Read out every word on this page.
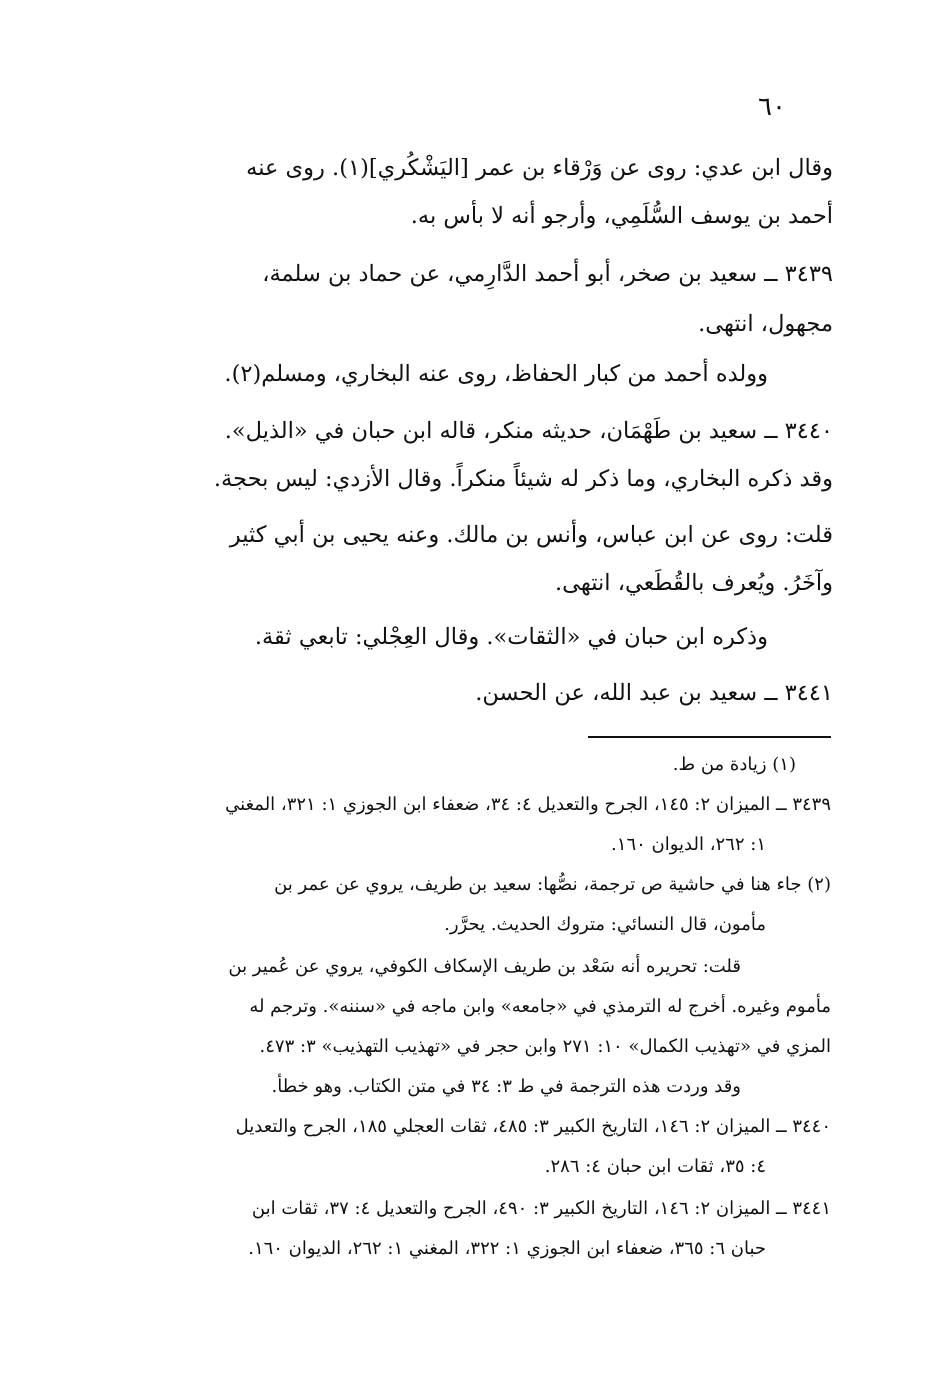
٦٠
وقال ابن عدي: روى عن وَرْقاء بن عمر [اليَشْكُري](١). روى عنه
أحمد بن يوسف السُّلَمِي، وأرجو أنه لا بأس به.
٣٤٣٩ ــ سعيد بن صخر، أبو أحمد الدَّارِمي، عن حماد بن سلمة،
مجهول، انتهى.
وولده أحمد من كبار الحفاظ، روى عنه البخاري، ومسلم(٢).
٣٤٤٠ ــ سعيد بن طَهْمَان، حديثه منكر، قاله ابن حبان في «الذيل».
وقد ذكره البخاري، وما ذكر له شيئاً منكراً. وقال الأزدي: ليس بحجة.
قلت: روى عن ابن عباس، وأنس بن مالك. وعنه يحيى بن أبي كثير
وآخَرُ. ويُعرف بالقُطَعي، انتهى.
وذكره ابن حبان في «الثقات». وقال العِجْلي: تابعي ثقة.
٣٤٤١ ــ سعيد بن عبد الله، عن الحسن.
(١) زيادة من ط.
٣٤٣٩ ــ الميزان ٢: ١٤٥، الجرح والتعديل ٤: ٣٤، ضعفاء ابن الجوزي ١: ٣٢١، المغني
١: ٢٦٢، الديوان ١٦٠.
(٢) جاء هنا في حاشية ص ترجمة، نصُّها: سعيد بن طريف، يروي عن عمر بن
مأمون، قال النسائي: متروك الحديث. يحرَّر.
قلت: تحريره أنه سَعْد بن طريف الإسكاف الكوفي، يروي عن عُمير بن
مأموم وغيره. أخرج له الترمذي في «جامعه» وابن ماجه في «سننه». وترجم له
المزي في «تهذيب الكمال» ١٠: ٢٧١ وابن حجر في «تهذيب التهذيب» ٣: ٤٧٣.
وقد وردت هذه الترجمة في ط ٣: ٣٤ في متن الكتاب. وهو خطأ.
٣٤٤٠ ــ الميزان ٢: ١٤٦، التاريخ الكبير ٣: ٤٨٥، ثقات العجلي ١٨٥، الجرح والتعديل
٤: ٣٥، ثقات ابن حبان ٤: ٢٨٦.
٣٤٤١ ــ الميزان ٢: ١٤٦، التاريخ الكبير ٣: ٤٩٠، الجرح والتعديل ٤: ٣٧، ثقات ابن
حبان ٦: ٣٦٥، ضعفاء ابن الجوزي ١: ٣٢٢، المغني ١: ٢٦٢، الديوان ١٦٠.
